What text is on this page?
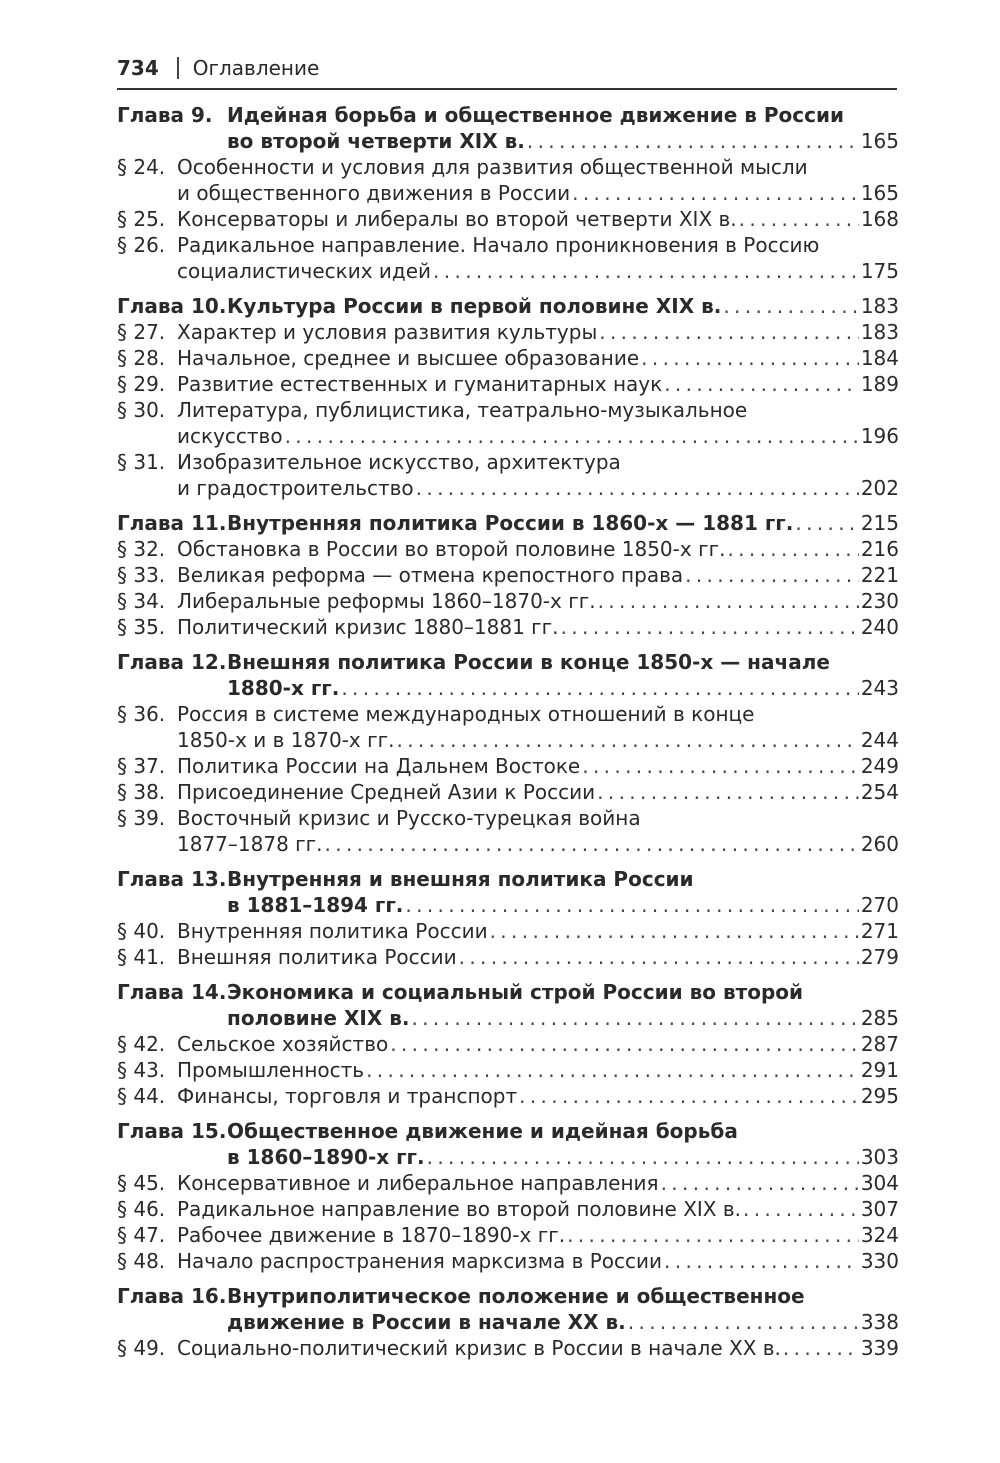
734 Оглавление
Глава 9. Идейная борьба и общественное движение в России
во второй четверти XIX в. . . .	165
§ 24. Особенности и условия для развития общественной мысли
и общественного движения в России . . .	165
§ 25. Консерваторы и либералы во второй четверти XIX в. . . .	168
§ 26. Радикальное направление. Начало проникновения в Россию
социалистических идей . . .	175
Глава 10. Культура России в первой половине XIX в. . . .	183
§ 27. Характер и условия развития культуры . . .	183
§ 28. Начальное, среднее и высшее образование . . .	184
§ 29. Развитие естественных и гуманитарных наук . . .	189
§ 30. Литература, публицистика, театрально-музыкальное
искусство . . .	196
§ 31. Изобразительное искусство, архитектура
и градостроительство . . .	202
Глава 11. Внутренняя политика России в 1860-х — 1881 гг. . . .	215
§ 32. Обстановка в России во второй половине 1850-х гг. . . .	216
§ 33. Великая реформа — отмена крепостного права . . .	221
§ 34. Либеральные реформы 1860–1870-х гг. . . .	230
§ 35. Политический кризис 1880–1881 гг. . . .	240
Глава 12. Внешняя политика России в конце 1850-х — начале
1880-х гг. . . .	243
§ 36. Россия в системе международных отношений в конце
1850-х и в 1870-х гг. . . .	244
§ 37. Политика России на Дальнем Востоке . . .	249
§ 38. Присоединение Средней Азии к России . . .	254
§ 39. Восточный кризис и Русско-турецкая война
1877–1878 гг. . . .	260
Глава 13. Внутренняя и внешняя политика России
в 1881–1894 гг. . . .	270
§ 40. Внутренняя политика России . . .	271
§ 41. Внешняя политика России . . .	279
Глава 14. Экономика и социальный строй России во второй
половине XIX в. . . .	285
§ 42. Сельское хозяйство . . .	287
§ 43. Промышленность . . .	291
§ 44. Финансы, торговля и транспорт . . .	295
Глава 15. Общественное движение и идейная борьба
в 1860–1890-х гг. . . .	303
§ 45. Консервативное и либеральное направления . . .	304
§ 46. Радикальное направление во второй половине XIX в. . . .	307
§ 47. Рабочее движение в 1870–1890-х гг. . . .	324
§ 48. Начало распространения марксизма в России . . .	330
Глава 16. Внутриполитическое положение и общественное
движение в России в начале XX в. . . .	338
§ 49. Социально-политический кризис в России в начале XX в. . . .	339
